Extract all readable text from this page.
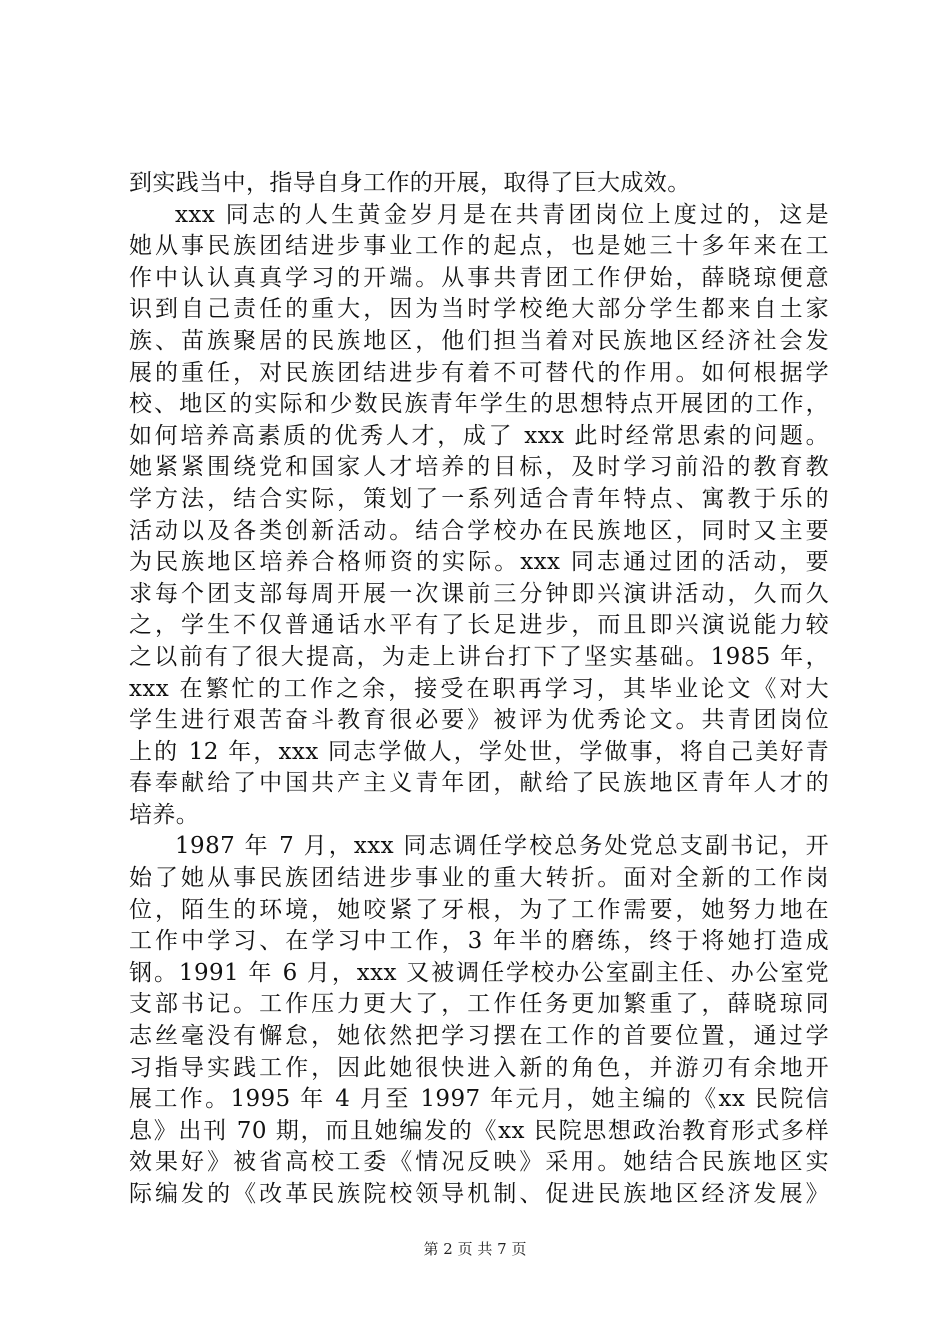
到实践当中，指导自身工作的开展，取得了巨大成效。
xxx 同志的人生黄金岁月是在共青团岗位上度过的，这是
她从事民族团结进步事业工作的起点，也是她三十多年来在工
作中认认真真学习的开端。从事共青团工作伊始，薛晓琼便意
识到自己责任的重大，因为当时学校绝大部分学生都来自土家
族、苗族聚居的民族地区，他们担当着对民族地区经济社会发
展的重任，对民族团结进步有着不可替代的作用。如何根据学
校、地区的实际和少数民族青年学生的思想特点开展团的工作，
如何培养高素质的优秀人才，成了 xxx 此时经常思索的问题。
她紧紧围绕党和国家人才培养的目标，及时学习前沿的教育教
学方法，结合实际，策划了一系列适合青年特点、寓教于乐的
活动以及各类创新活动。结合学校办在民族地区，同时又主要
为民族地区培养合格师资的实际。xxx 同志通过团的活动，要
求每个团支部每周开展一次课前三分钟即兴演讲活动，久而久
之，学生不仅普通话水平有了长足进步，而且即兴演说能力较
之以前有了很大提高，为走上讲台打下了坚实基础。1985 年，
xxx 在繁忙的工作之余，接受在职再学习，其毕业论文《对大
学生进行艰苦奋斗教育很必要》被评为优秀论文。共青团岗位
上的 12 年，xxx 同志学做人，学处世，学做事，将自己美好青
春奉献给了中国共产主义青年团，献给了民族地区青年人才的
培养。
1987 年 7 月，xxx 同志调任学校总务处党总支副书记，开
始了她从事民族团结进步事业的重大转折。面对全新的工作岗
位，陌生的环境，她咬紧了牙根，为了工作需要，她努力地在
工作中学习、在学习中工作，3 年半的磨练，终于将她打造成
钢。1991 年 6 月，xxx 又被调任学校办公室副主任、办公室党
支部书记。工作压力更大了，工作任务更加繁重了，薛晓琼同
志丝毫没有懈怠，她依然把学习摆在工作的首要位置，通过学
习指导实践工作，因此她很快进入新的角色，并游刃有余地开
展工作。1995 年 4 月至 1997 年元月，她主编的《xx 民院信
息》出刊 70 期，而且她编发的《xx 民院思想政治教育形式多样
效果好》被省高校工委《情况反映》采用。她结合民族地区实
际编发的《改革民族院校领导机制、促进民族地区经济发展》
第 2 页 共 7 页
